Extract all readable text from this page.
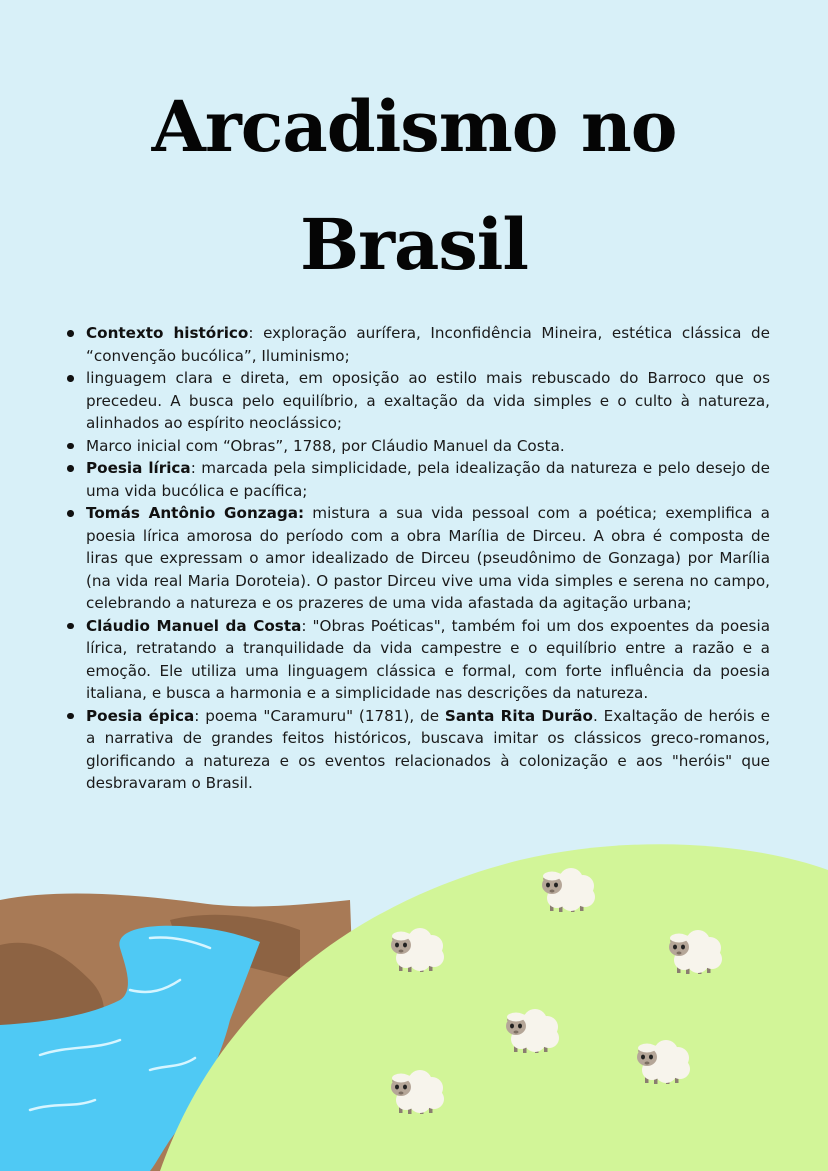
Arcadismo no
Brasil
Contexto histórico: exploração aurífera, Inconfidência Mineira, estética clássica de “convenção bucólica”, Iluminismo;
linguagem clara e direta, em oposição ao estilo mais rebuscado do Barroco que os precedeu. A busca pelo equilíbrio, a exaltação da vida simples e o culto à natureza, alinhados ao espírito neoclássico;
Marco inicial com “Obras”, 1788, por Cláudio Manuel da Costa.
Poesia lírica: marcada pela simplicidade, pela idealização da natureza e pelo desejo de uma vida bucólica e pacífica;
Tomás Antônio Gonzaga: mistura a sua vida pessoal com a poética; exemplifica a poesia lírica amorosa do período com a obra Marília de Dirceu. A obra é composta de liras que expressam o amor idealizado de Dirceu (pseudônimo de Gonzaga) por Marília (na vida real Maria Doroteia). O pastor Dirceu vive uma vida simples e serena no campo, celebrando a natureza e os prazeres de uma vida afastada da agitação urbana;
Cláudio Manuel da Costa: "Obras Poéticas", também foi um dos expoentes da poesia lírica, retratando a tranquilidade da vida campestre e o equilíbrio entre a razão e a emoção. Ele utiliza uma linguagem clássica e formal, com forte influência da poesia italiana, e busca a harmonia e a simplicidade nas descrições da natureza.
Poesia épica: poema "Caramuru" (1781), de Santa Rita Durão. Exaltação de heróis e a narrativa de grandes feitos históricos, buscava imitar os clássicos greco-romanos, glorificando a natureza e os eventos relacionados à colonização e aos "heróis" que desbravaram o Brasil.
